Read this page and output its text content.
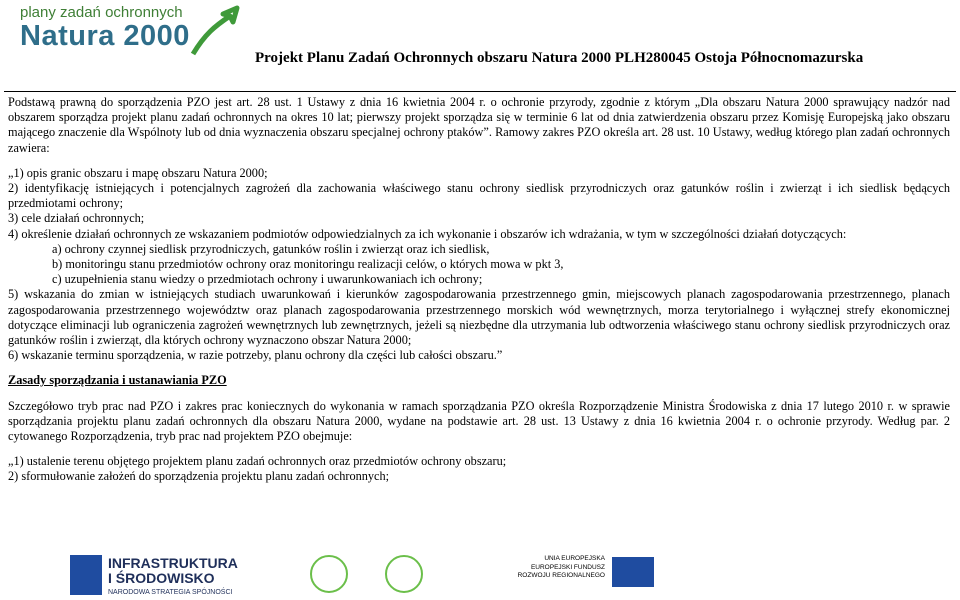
plany zadań ochronnych
Natura 2000
Projekt Planu Zadań Ochronnych obszaru Natura 2000 PLH280045 Ostoja Północnomazurska

Podstawą prawną do sporządzenia PZO jest art. 28 ust. 1 Ustawy z dnia 16 kwietnia 2004 r. o ochronie przyrody, zgodnie z którym „Dla obszaru Natura 2000 sprawujący nadzór nad obszarem sporządza projekt planu zadań ochronnych na okres 10 lat; pierwszy projekt sporządza się w terminie 6 lat od dnia zatwierdzenia obszaru przez Komisję Europejską jako obszaru mającego znaczenie dla Wspólnoty lub od dnia wyznaczenia obszaru specjalnej ochrony ptaków”. Ramowy zakres PZO określa art. 28 ust. 10 Ustawy, według którego plan zadań ochronnych zawiera:

„1) opis granic obszaru i mapę obszaru Natura 2000;

2) identyfikację istniejących i potencjalnych zagrożeń dla zachowania właściwego stanu ochrony siedlisk przyrodniczych oraz gatunków roślin i zwierząt i ich siedlisk będących przedmiotami ochrony;

3) cele działań ochronnych;

4) określenie działań ochronnych ze wskazaniem podmiotów odpowiedzialnych za ich wykonanie i obszarów ich wdrażania, w tym w szczególności działań dotyczących:

a) ochrony czynnej siedlisk przyrodniczych, gatunków roślin i zwierząt oraz ich siedlisk,

b) monitoringu stanu przedmiotów ochrony oraz monitoringu realizacji celów, o których mowa w pkt 3,

c) uzupełnienia stanu wiedzy o przedmiotach ochrony i uwarunkowaniach ich ochrony;

5) wskazania do zmian w istniejących studiach uwarunkowań i kierunków zagospodarowania przestrzennego gmin, miejscowych planach zagospodarowania przestrzennego, planach zagospodarowania przestrzennego województw oraz planach zagospodarowania przestrzennego morskich wód wewnętrznych, morza terytorialnego i wyłącznej strefy ekonomicznej dotyczące eliminacji lub ograniczenia zagrożeń wewnętrznych lub zewnętrznych, jeżeli są niezbędne dla utrzymania lub odtworzenia właściwego stanu ochrony siedlisk przyrodniczych oraz gatunków roślin i zwierząt, dla których ochrony wyznaczono obszar Natura 2000;

6) wskazanie terminu sporządzenia, w razie potrzeby, planu ochrony dla części lub całości obszaru.”

Zasady sporządzania i ustanawiania PZO

Szczegółowo tryb prac nad PZO i zakres prac koniecznych do wykonania w ramach sporządzania PZO określa Rozporządzenie Ministra Środowiska z dnia 17 lutego 2010 r. w sprawie sporządzania projektu planu zadań ochronnych dla obszaru Natura 2000, wydane na podstawie art. 28 ust. 13 Ustawy z dnia 16 kwietnia 2004 r. o ochronie przyrody. Według par. 2 cytowanego Rozporządzenia, tryb prac nad projektem PZO obejmuje:

„1) ustalenie terenu objętego projektem planu zadań ochronnych oraz przedmiotów ochrony obszaru;

2) sformułowanie założeń do sporządzenia projektu planu zadań ochronnych;

INFRASTRUKTURA
I ŚRODOWISKO
NARODOWA STRATEGIA SPÓJNOŚCI
UNIA EUROPEJSKA
EUROPEJSKI FUNDUSZ
ROZWOJU REGIONALNEGO
